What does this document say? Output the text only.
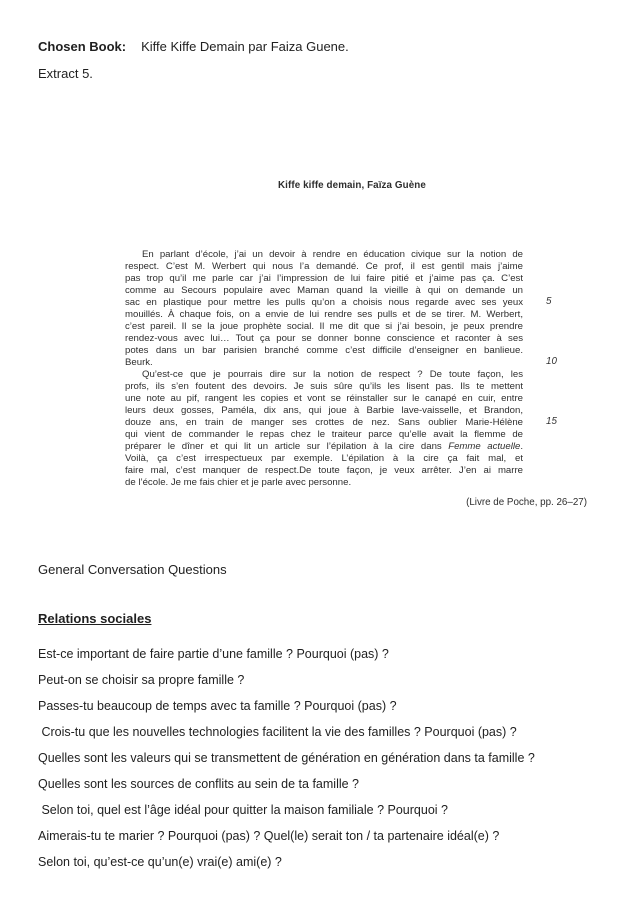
Chosen Book: Kiffe Kiffe Demain par Faiza Guene.
Extract 5.
Kiffe kiffe demain, Faïza Guène
En parlant d’école, j’ai un devoir à rendre en éducation civique sur la notion de
respect. C’est M. Werbert qui nous l’a demandé. Ce prof, il est gentil mais j’aime
pas trop qu’il me parle car j’ai l’impression de lui faire pitié et j’aime pas ça. C’est
comme au Secours populaire avec Maman quand la vieille à qui on demande un
sac en plastique pour mettre les pulls qu’on a choisis nous regarde avec ses yeux
mouillés. À chaque fois, on a envie de lui rendre ses pulls et de se tirer. M. Werbert,
c’est pareil. Il se la joue prophète social. Il me dit que si j’ai besoin, je peux prendre
rendez-vous avec lui… Tout ça pour se donner bonne conscience et raconter à ses
potes dans un bar parisien branché comme c’est difficile d’enseigner en banlieue.
Beurk.
Qu’est-ce que je pourrais dire sur la notion de respect ? De toute façon, les
profs, ils s’en foutent des devoirs. Je suis sûre qu’ils les lisent pas. Ils te mettent
une note au pif, rangent les copies et vont se réinstaller sur le canapé en cuir, entre
leurs deux gosses, Paméla, dix ans, qui joue à Barbie lave-vaisselle, et Brandon,
douze ans, en train de manger ses crottes de nez. Sans oublier Marie-Hélène
qui vient de commander le repas chez le traiteur parce qu’elle avait la flemme de
préparer le dîner et qui lit un article sur l’épilation à la cire dans Femme actuelle.
Voilà, ça c’est irrespectueux par exemple. L’épilation à la cire ça fait mal, et
faire mal, c’est manquer de respect.De toute façon, je veux arrêter. J’en ai marre
de l’école. Je me fais chier et je parle avec personne.
5
10
15
(Livre de Poche, pp. 26–27)
General Conversation Questions
Relations sociales
Est-ce important de faire partie d’une famille ? Pourquoi (pas) ?
Peut-on se choisir sa propre famille ?
Passes-tu beaucoup de temps avec ta famille ? Pourquoi (pas) ?
Crois-tu que les nouvelles technologies facilitent la vie des familles ? Pourquoi (pas) ?
Quelles sont les valeurs qui se transmettent de génération en génération dans ta famille ?
Quelles sont les sources de conflits au sein de ta famille ?
Selon toi, quel est l’âge idéal pour quitter la maison familiale ? Pourquoi ?
Aimerais-tu te marier ? Pourquoi (pas) ? Quel(le) serait ton / ta partenaire idéal(e) ?
Selon toi, qu’est-ce qu’un(e) vrai(e) ami(e) ?
